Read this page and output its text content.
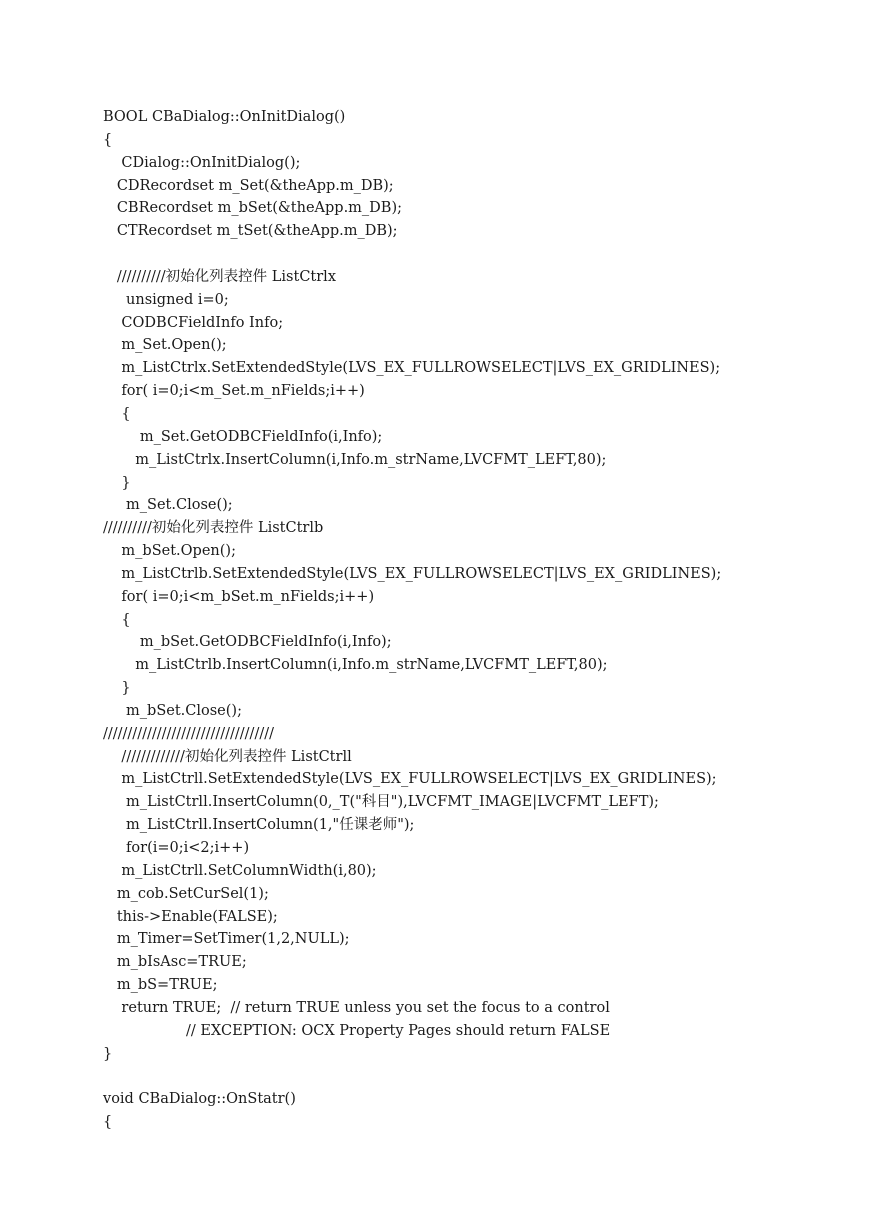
BOOL CBaDialog::OnInitDialog()
{
CDialog::OnInitDialog();
CDRecordset m_Set(&theApp.m_DB);
CBRecordset m_bSet(&theApp.m_DB);
CTRecordset m_tSet(&theApp.m_DB);
//////////初始化列表控件 ListCtrlx
unsigned i=0;
CODBCFieldInfo Info;
m_Set.Open();
m_ListCtrlx.SetExtendedStyle(LVS_EX_FULLROWSELECT|LVS_EX_GRIDLINES);
for( i=0;i<m_Set.m_nFields;i++)
{
m_Set.GetODBCFieldInfo(i,Info);
m_ListCtrlx.InsertColumn(i,Info.m_strName,LVCFMT_LEFT,80);
}
m_Set.Close();
//////////初始化列表控件 ListCtrlb
m_bSet.Open();
m_ListCtrlb.SetExtendedStyle(LVS_EX_FULLROWSELECT|LVS_EX_GRIDLINES);
for( i=0;i<m_bSet.m_nFields;i++)
{
m_bSet.GetODBCFieldInfo(i,Info);
m_ListCtrlb.InsertColumn(i,Info.m_strName,LVCFMT_LEFT,80);
}
m_bSet.Close();
///////////////////////////////////
/////////////初始化列表控件 ListCtrll
m_ListCtrll.SetExtendedStyle(LVS_EX_FULLROWSELECT|LVS_EX_GRIDLINES);
m_ListCtrll.InsertColumn(0,_T("科目"),LVCFMT_IMAGE|LVCFMT_LEFT);
m_ListCtrll.InsertColumn(1,"任课老师");
for(i=0;i<2;i++)
m_ListCtrll.SetColumnWidth(i,80);
m_cob.SetCurSel(1);
this->Enable(FALSE);
m_Timer=SetTimer(1,2,NULL);
m_bIsAsc=TRUE;
m_bS=TRUE;
return TRUE;  // return TRUE unless you set the focus to a control
// EXCEPTION: OCX Property Pages should return FALSE
}
void CBaDialog::OnStatr()
{
